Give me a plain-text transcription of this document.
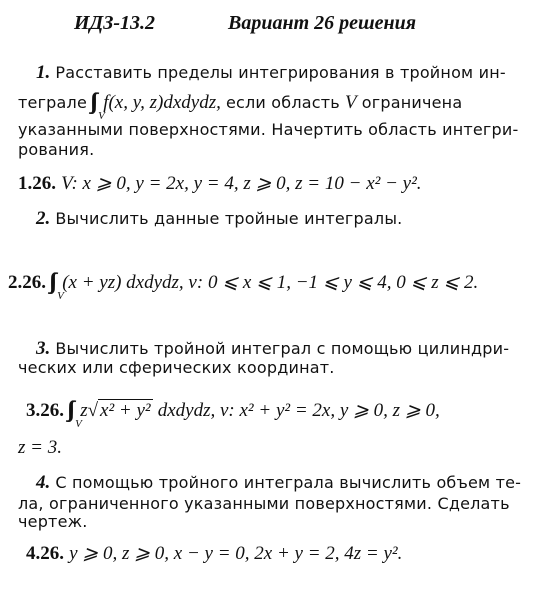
ИДЗ-13.2	Вариант 26 решения
1. Расставить пределы интегрирования в тройном ин-
теграле f(x, y, z)dxdydz, если область V ограничена
указанными поверхностями. Начертить область интегри-
рования.
1.26. V: x ⩾ 0, y = 2x, y = 4, z ⩾ 0, z = 10 − x² − y².
2. Вычислить данные тройные интегралы.
2.26. (x + yz) dxdydz, v: 0 ⩽ x ⩽ 1, −1 ⩽ y ⩽ 4, 0 ⩽ z ⩽ 2.
3. Вычислить тройной интеграл с помощью цилиндри-
ческих или сферических координат.
3.26. z√ x² + y² dxdydz, v: x² + y² = 2x, y ⩾ 0, z ⩾ 0,
z = 3.
4. С помощью тройного интеграла вычислить объем те-
ла, ограниченного указанными поверхностями. Сделать
чертеж.
4.26. y ⩾ 0, z ⩾ 0, x − y = 0, 2x + y = 2, 4z = y².
